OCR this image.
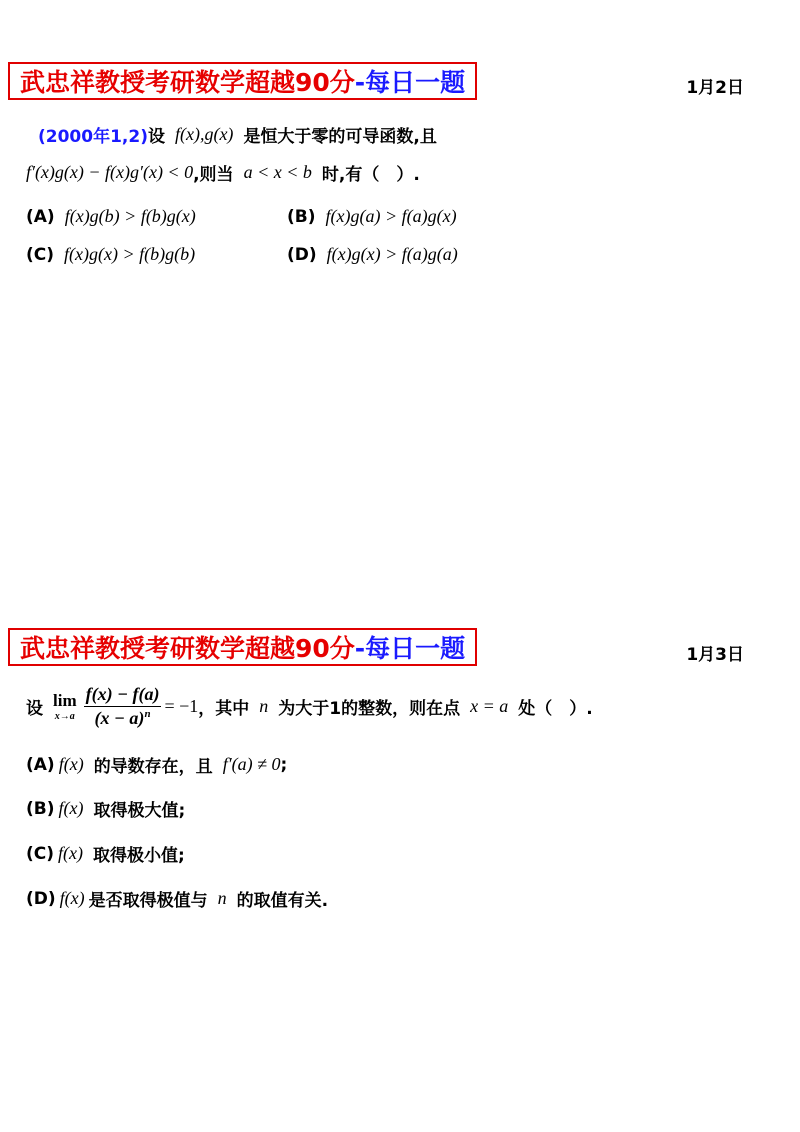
武忠祥教授考研数学超越90分 -每日一题	1月2日
(2000年1,2) 设 f(x),g(x) 是恒大于零的可导函数,且
f′(x)g(x) − f(x)g′(x) < 0 ,则当 a < x < b 时,有（　）.
(A) f(x)g(b) > f(b)g(x)	(B) f(x)g(a) > f(a)g(x)
(C) f(x)g(x) > f(b)g(b)	(D) f(x)g(x) > f(a)g(a)
武忠祥教授考研数学超越90分 -每日一题	1月3日
设 lim
$x\to a \frac{f(x) - f(a)}{(x - a)^n} = -1$ ，其中 n 为大于1的整数，则在点 x = a 处（　）.
(A) f(x) 的导数存在，且 f′(a) ≠ 0 ;
(B) f(x) 取得极大值;
(C) f(x) 取得极小值;
(D) f(x) 是否取得极值与 n 的取值有关.
